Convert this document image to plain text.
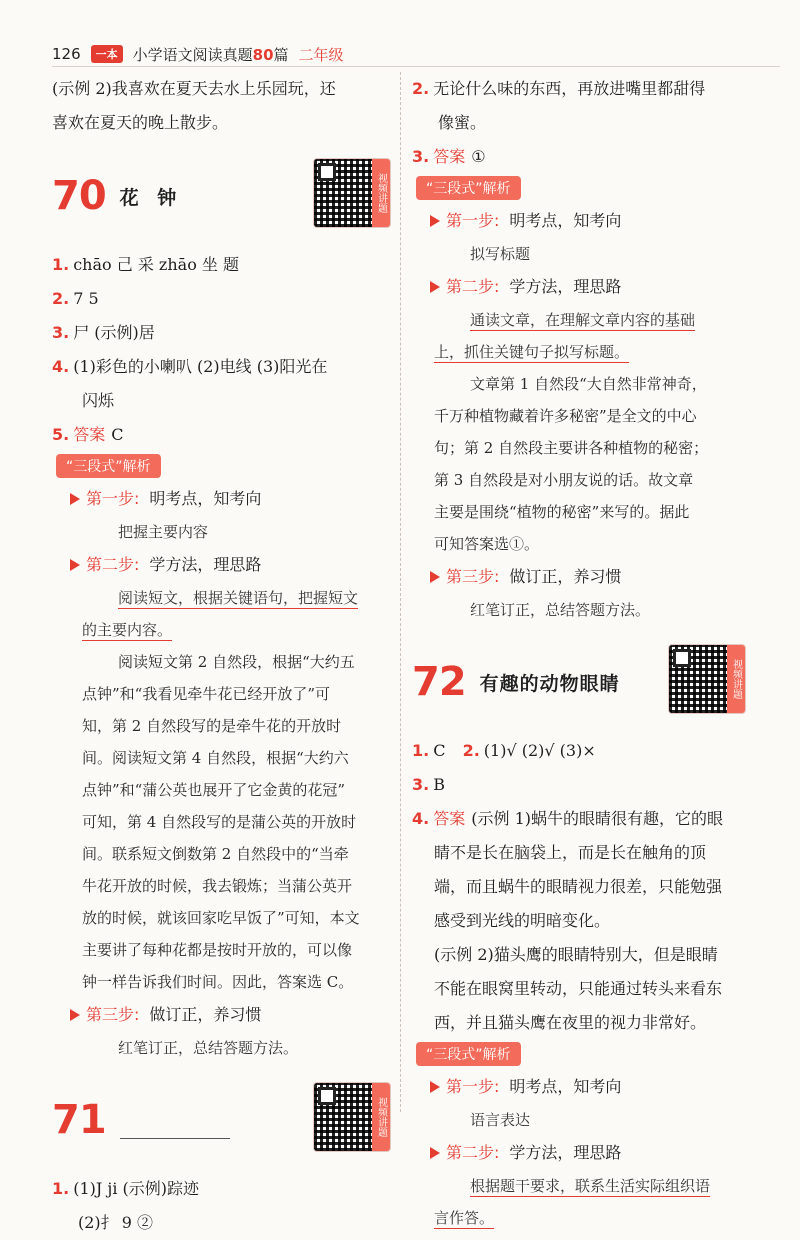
126	一本	小学语文阅读真题80篇 二年级
(示例 2)我喜欢在夏天去水上乐园玩，还
喜欢在夏天的晚上散步。
70 花 钟	视频讲题
1. chāo 己 采 zhāo 坐 题
2. 7 5
3. 尸 (示例)居
4. (1)彩色的小喇叭 (2)电线 (3)阳光在
闪烁
5. 答案 C
“三段式”解析
第一步: 明考点，知考向
把握主要内容
第二步: 学方法，理思路
阅读短文，根据关键语句，把握短文
的主要内容。
阅读短文第 2 自然段，根据“大约五
点钟”和“我看见牵牛花已经开放了”可
知，第 2 自然段写的是牵牛花的开放时
间。阅读短文第 4 自然段，根据“大约六
点钟”和“蒲公英也展开了它金黄的花冠”
可知，第 4 自然段写的是蒲公英的开放时
间。联系短文倒数第 2 自然段中的“当牵
牛花开放的时候，我去锻炼；当蒲公英开
放的时候，就该回家吃早饭了”可知，本文
主要讲了每种花都是按时开放的，可以像
钟一样告诉我们时间。因此，答案选 C。
第三步: 做订正，养习惯
红笔订正，总结答题方法。
71	视频讲题
1. (1)J ji (示例)踪迹
(2)扌 9 ②
2. 无论什么味的东西，再放进嘴里都甜得
像蜜。
3. 答案 ①
“三段式”解析
第一步: 明考点，知考向
拟写标题
第二步: 学方法，理思路
通读文章，在理解文章内容的基础
上，抓住关键句子拟写标题。
文章第 1 自然段“大自然非常神奇，
千万种植物藏着许多秘密”是全文的中心
句；第 2 自然段主要讲各种植物的秘密；
第 3 自然段是对小朋友说的话。故文章
主要是围绕“植物的秘密”来写的。据此
可知答案选①。
第三步: 做订正，养习惯
红笔订正，总结答题方法。
72 有趣的动物眼睛	视频讲题
1. C 2. (1)√ (2)√ (3)×
3. B
4. 答案 (示例 1)蜗牛的眼睛很有趣，它的眼
睛不是长在脑袋上，而是长在触角的顶
端，而且蜗牛的眼睛视力很差，只能勉强
感受到光线的明暗变化。
(示例 2)猫头鹰的眼睛特别大，但是眼睛
不能在眼窝里转动，只能通过转头来看东
西，并且猫头鹰在夜里的视力非常好。
“三段式”解析
第一步: 明考点，知考向
语言表达
第二步: 学方法，理思路
根据题干要求，联系生活实际组织语
言作答。
